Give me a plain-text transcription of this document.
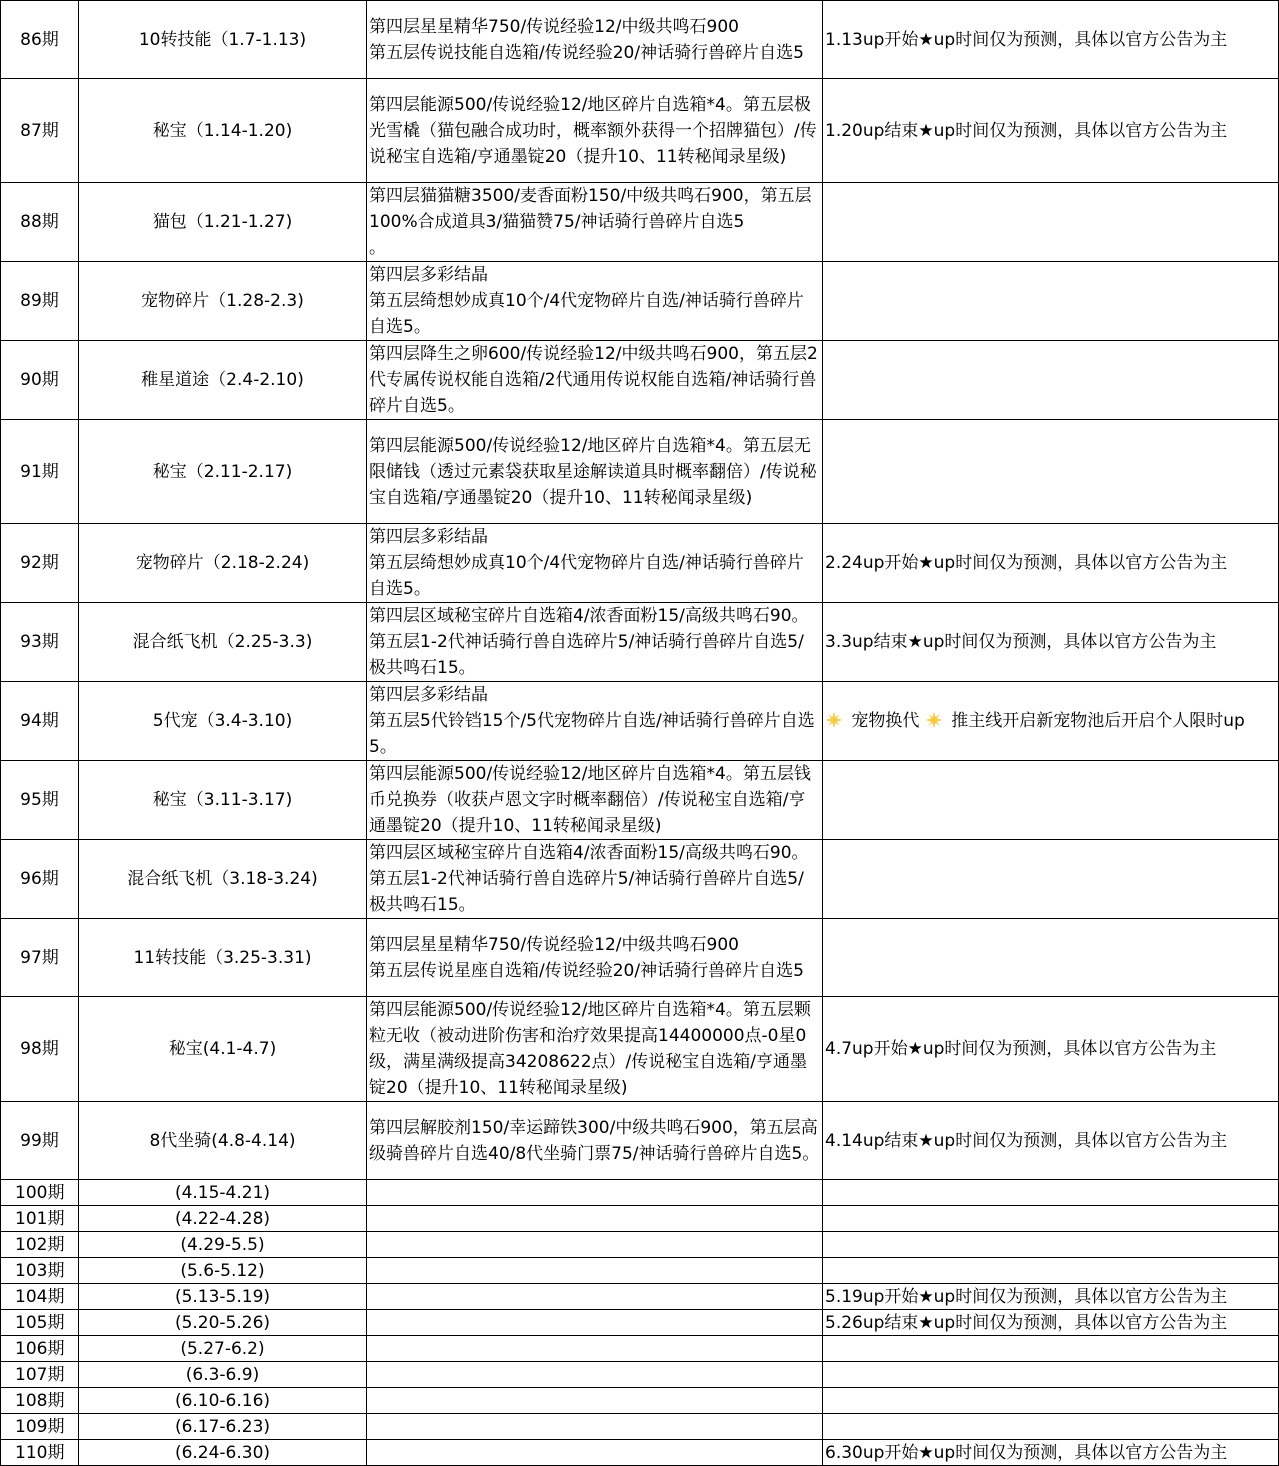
86期	10转技能（1.7-1.13)	第四层星星精华750/传说经验12/中级共鸣石900
第五层传说技能自选箱/传说经验20/神话骑行兽碎片自选5	1.13up开始★up时间仅为预测，具体以官方公告为主
87期	秘宝（1.14-1.20)	第四层能源500/传说经验12/地区碎片自选箱*4。第五层极光雪橇（猫包融合成功时，概率额外获得一个招牌猫包）/传说秘宝自选箱/亨通墨锭20（提升10、11转秘闻录星级)	1.20up结束★up时间仅为预测，具体以官方公告为主
88期	猫包（1.21-1.27)	第四层猫猫糖3500/麦香面粉150/中级共鸣石900，第五层100%合成道具3/猫猫赞75/神话骑行兽碎片自选5
。	
89期	宠物碎片（1.28-2.3)	第四层多彩结晶
第五层绮想妙成真10个/4代宠物碎片自选/神话骑行兽碎片自选5。	
90期	稚星道途（2.4-2.10)	第四层降生之卵600/传说经验12/中级共鸣石900，第五层2代专属传说权能自选箱/2代通用传说权能自选箱/神话骑行兽碎片自选5。	
91期	秘宝（2.11-2.17)	第四层能源500/传说经验12/地区碎片自选箱*4。第五层无限储钱（透过元素袋获取星途解读道具时概率翻倍）/传说秘宝自选箱/亨通墨锭20（提升10、11转秘闻录星级)	
92期	宠物碎片（2.18-2.24)	第四层多彩结晶
第五层绮想妙成真10个/4代宠物碎片自选/神话骑行兽碎片自选5。	2.24up开始★up时间仅为预测，具体以官方公告为主
93期	混合纸飞机（2.25-3.3)	第四层区域秘宝碎片自选箱4/浓香面粉15/高级共鸣石90。第五层1-2代神话骑行兽自选碎片5/神话骑行兽碎片自选5/极共鸣石15。	3.3up结束★up时间仅为预测，具体以官方公告为主
94期	5代宠（3.4-3.10)	第四层多彩结晶
第五层5代铃铛15个/5代宠物碎片自选/神话骑行兽碎片自选5。	宠物换代 推主线开启新宠物池后开启个人限时up
95期	秘宝（3.11-3.17)	第四层能源500/传说经验12/地区碎片自选箱*4。第五层钱币兑换券（收获卢恩文字时概率翻倍）/传说秘宝自选箱/亨通墨锭20（提升10、11转秘闻录星级)	
96期	混合纸飞机（3.18-3.24)	第四层区域秘宝碎片自选箱4/浓香面粉15/高级共鸣石90。第五层1-2代神话骑行兽自选碎片5/神话骑行兽碎片自选5/极共鸣石15。	
97期	11转技能（3.25-3.31)	第四层星星精华750/传说经验12/中级共鸣石900
第五层传说星座自选箱/传说经验20/神话骑行兽碎片自选5	
98期	秘宝(4.1-4.7)	第四层能源500/传说经验12/地区碎片自选箱*4。第五层颗粒无收（被动进阶伤害和治疗效果提高14400000点-0星0级，满星满级提高34208622点）/传说秘宝自选箱/亨通墨锭20（提升10、11转秘闻录星级)	4.7up开始★up时间仅为预测，具体以官方公告为主
99期	8代坐骑(4.8-4.14)	第四层解胶剂150/幸运蹄铁300/中级共鸣石900，第五层高级骑兽碎片自选40/8代坐骑门票75/神话骑行兽碎片自选5。	4.14up结束★up时间仅为预测，具体以官方公告为主
100期	(4.15-4.21)		
101期	(4.22-4.28)		
102期	(4.29-5.5)		
103期	(5.6-5.12)		
104期	(5.13-5.19)		5.19up开始★up时间仅为预测，具体以官方公告为主
105期	(5.20-5.26)		5.26up结束★up时间仅为预测，具体以官方公告为主
106期	(5.27-6.2)		
107期	(6.3-6.9)		
108期	(6.10-6.16)		
109期	(6.17-6.23)		
110期	(6.24-6.30)		6.30up开始★up时间仅为预测，具体以官方公告为主
